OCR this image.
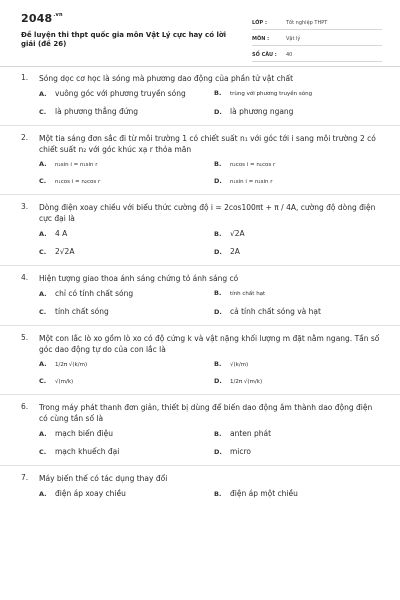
$2048^{.vn}$
Đề luyện thi thpt quốc gia môn Vật Lý cực hay có lời giải (đề 26)
LỚP :	Tốt nghiệp THPT
MÔN :	Vật lý
SỐ CÂU :	40
1. Sóng dọc cơ học là sóng mà phương dao động của phần tử vật chất
A.	vuông góc với phương truyền sóng	B.	trùng với phương truyền sóng
C.	là phương thẳng đứng	D.	là phương ngang
2. Một tia sáng đơn sắc đi từ môi trường 1 có chiết suất n₁ với góc tới i sang môi trường 2 có chiết suất n₂ với góc khúc xạ r thỏa mãn
A.	n₂sin i = n₁sin r	B.	n₂cos i = n₁cos r
C.	n₁cos i = n₂cos r	D.	n₁sin i = n₂sin r
3. Dòng điện xoay chiều với biểu thức cường độ i = 2cos100πt + π / 4A, cường độ dòng điện cực đại là
A.	4 A	B.	√2A
C.	2√2A	D.	2A
4. Hiện tượng giao thoa ánh sáng chứng tỏ ánh sáng có
A.	chỉ có tính chất sóng	B.	tính chất hạt
C.	tính chất sóng	D.	cả tính chất sóng và hạt
5. Một con lắc lò xo gồm lò xo có độ cứng k và vật nặng khối lượng m đặt nằm ngang. Tần số góc dao động tự do của con lắc là
A.	1/2π √(k/m)	B.	√(k/m)
C.	√(m/k)	D.	1/2π √(m/k)
6. Trong máy phát thanh đơn giản, thiết bị dùng để biến dao động âm thành dao động điện có cùng tần số là
A.	mạch biến điệu	B.	anten phát
C.	mạch khuếch đại	D.	micro
7. Máy biến thế có tác dụng thay đổi
A.	điện áp xoay chiều	B.	điện áp một chiều
